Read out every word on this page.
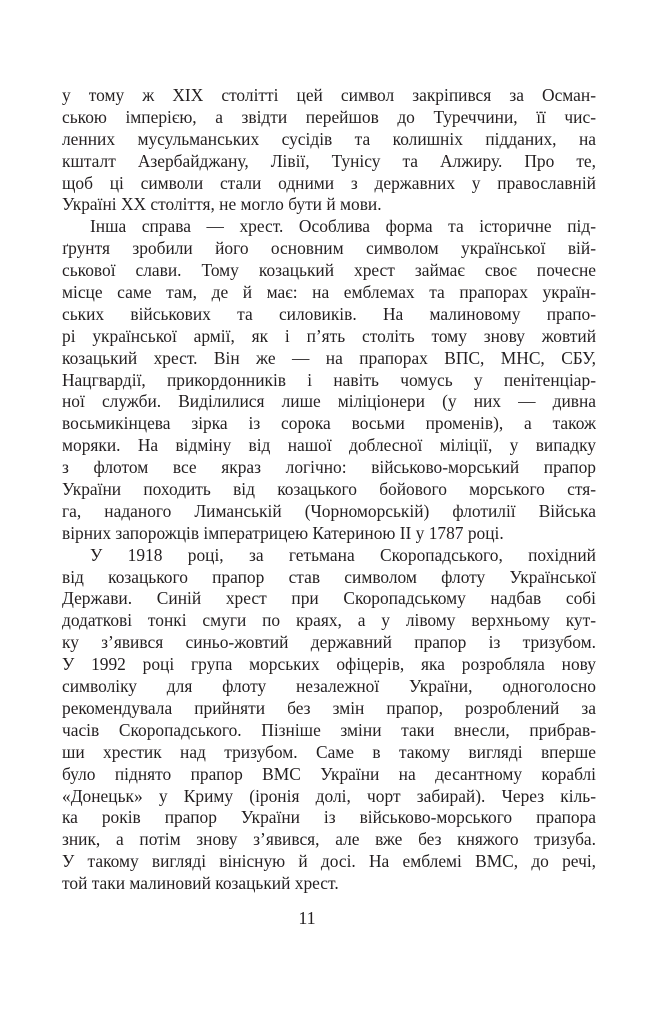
у тому ж XIX столітті цей символ закріпився за Осман-
ською імперією, а звідти перейшов до Туреччини, її чис-
ленних мусульманських сусідів та колишніх підданих, на
кшталт Азербайджану, Лівії, Тунісу та Алжиру. Про те,
щоб ці символи стали одними з державних у православній
Україні XX століття, не могло бути й мови.
Інша справа — хрест. Особлива форма та історичне під-
ґрунтя зробили його основним символом української вій-
ськової слави. Тому козацький хрест займає своє почесне
місце саме там, де й має: на емблемах та прапорах україн-
ських військових та силовиків. На малиновому прапо-
рі української армії, як і п’ять століть тому знову жовтий
козацький хрест. Він же — на прапорах ВПС, МНС, СБУ,
Нацгвардії, прикордонників і навіть чомусь у пенітенціар-
ної служби. Виділилися лише міліціонери (у них — дивна
восьмикінцева зірка із сорока восьми променів), а також
моряки. На відміну від нашої доблесної міліції, у випадку
з флотом все якраз логічно: військово-морський прапор
України походить від козацького бойового морського стя-
га, наданого Лиманській (Чорноморській) флотилії Війська
вірних запорожців імператрицею Катериною II у 1787 році.
У 1918 році, за гетьмана Скоропадського, похідний
від козацького прапор став символом флоту Української
Держави. Синій хрест при Скоропадському надбав собі
додаткові тонкі смуги по краях, а у лівому верхньому кут-
ку з’явився синьо-жовтий державний прапор із тризубом.
У 1992 році група морських офіцерів, яка розробляла нову
символіку для флоту незалежної України, одноголосно
рекомендувала прийняти без змін прапор, розроблений за
часів Скоропадського. Пізніше зміни таки внесли, прибрав-
ши хрестик над тризубом. Саме в такому вигляді вперше
було піднято прапор ВМС України на десантному кораблі
«Донецьк» у Криму (іронія долі, чорт забирай). Через кіль-
ка років прапор України із військово-морського прапора
зник, а потім знову з’явився, але вже без княжого тризуба.
У такому вигляді вінісную й досі. На емблемі ВМС, до речі,
той таки малиновий козацький хрест.
11
